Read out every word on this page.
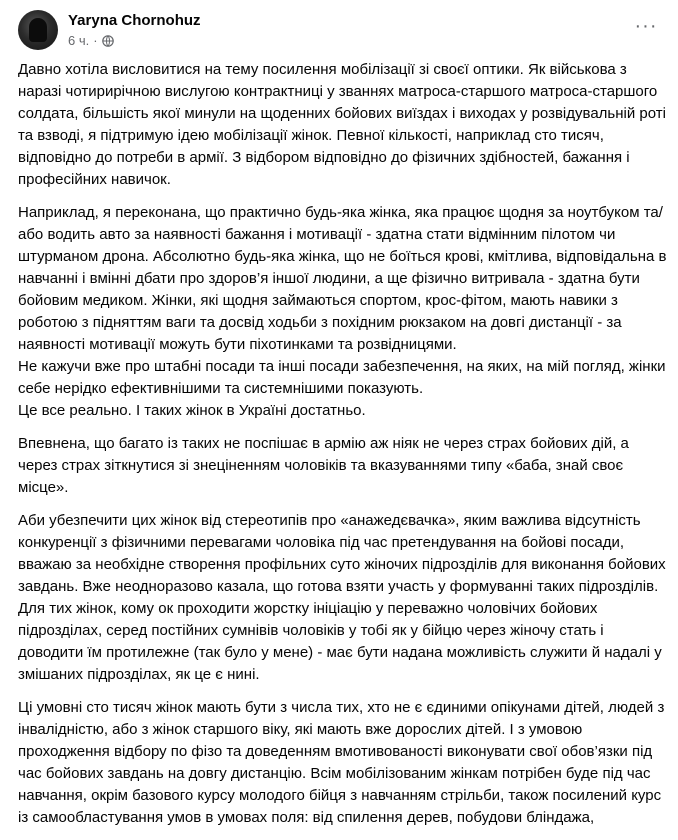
Yaryna Chornohuz
6 ч. ·
···
Давно хотіла висловитися на тему посилення мобілізації зі своєї оптики. Як військова з наразі чотирирічною вислугою контрактниці у званнях матроса-старшого матроса-старшого солдата, більшість якої минули на щоденних бойових виїздах і виходах у розвідувальній роті та взводі, я підтримую ідею мобілізації жінок. Певної кількості, наприклад сто тисяч, відповідно до потреби в армії. З відбором відповідно до фізичних здібностей, бажання і професійних навичок.
Наприклад, я переконана, що практично будь-яка жінка, яка працює щодня за ноутбуком та/або водить авто за наявності бажання і мотивації - здатна стати відмінним пілотом чи штурманом дрона. Абсолютно будь-яка жінка, що не боїться крові, кмітлива, відповідальна в навчанні і вмінні дбати про здоров’я іншої людини, а ще фізично витривала - здатна бути бойовим медиком. Жінки, які щодня займаються спортом, крос-фітом, мають навики з роботою з підняттям ваги та досвід ходьби з похідним рюкзаком на довгі дистанції - за наявності мотивації можуть бути піхотинками та розвідницями.
Не кажучи вже про штабні посади та інші посади забезпечення, на яких, на мій погляд, жінки себе нерідко ефективнішими та системнішими показують.
Це все реально. І таких жінок в Україні достатньо.
Впевнена, що багато із таких не поспішає в армію аж ніяк не через страх бойових дій, а через страх зіткнутися зі знеціненням чоловіків та вказуваннями типу «баба, знай своє місце».
Аби убезпечити цих жінок від стереотипів про «анажедєвачка», яким важлива відсутність конкуренції з фізичними перевагами чоловіка під час претендування на бойові посади, вважаю за необхідне створення профільних суто жіночих підрозділів для виконання бойових завдань. Вже неодноразово казала, що готова взяти участь у формуванні таких підрозділів.
Для тих жінок, кому ок проходити жорстку ініціацію у переважно чоловічих бойових підрозділах, серед постійних сумнівів чоловіків у тобі як у бійцю через жіночу стать і доводити їм протилежне (так було у мене) - має бути надана можливість служити й надалі у змішаних підрозділах, як це є нині.
Ці умовні сто тисяч жінок мають бути з числа тих, хто не є єдиними опікунами дітей, людей з інвалідністю, або з жінок старшого віку, які мають вже дорослих дітей. І з умовою проходження відбору по фізо та доведенням вмотивованості виконувати свої обов’язки під час бойових завдань на довгу дистанцію. Всім мобілізованим жінкам потрібен буде під час навчання, окрім базового курсу молодого бійця з навчанням стрільби, також посилений курс із самообластування умов в умовах поля: від спилення дерев, побудови бліндажа,
